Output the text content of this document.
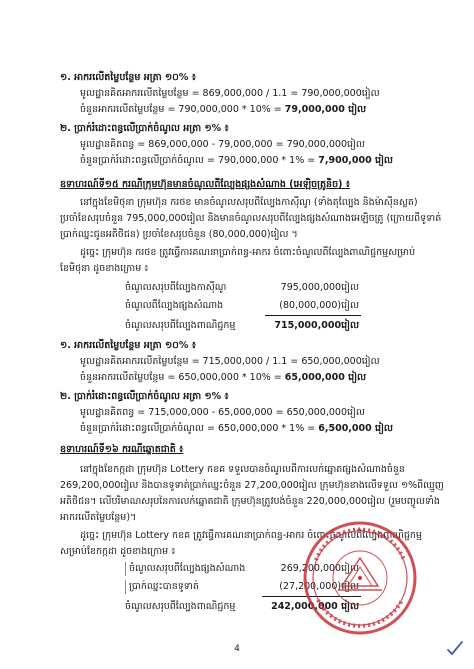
១. អាករលើតម្លៃបន្ថែម អត្រា ១០% ៖
មូលដ្ឋានគិតអាករលើតម្លៃបន្ថែម = 869,000,000 / 1.1 = 790,000,000រៀល
ចំនួនអាករលើតម្លៃបន្ថែម = 790,000,000 * 10% = 79,000,000 រៀល
២. ប្រាក់រំដោះពន្ធលើប្រាក់ចំណូល អត្រា ១% ៖
មូលដ្ឋានគិតពន្ធ = 869,000,000 - 79,000,000 = 790,000,000រៀល
ចំនួនប្រាក់រំដោះពន្ធលើប្រាក់ចំណូល = 790,000,000 * 1% = 7,900,000 រៀល
ឧទាហរណ៍ទី១៥ ករណីក្រុមហ៊ុនមានចំណូលពីល្បែងផ្សងសំណាង (អេឡិចត្រូនិច) ៖
នៅក្នុងខែមិថុនា ក្រុមហ៊ុន ករថខ មានចំណូលសរុបពីល្បែងកាស៊ីណូ (ទាំងតុល្បែង និងម៉ាស៊ីនស្លត)
ប្រចាំខែសរុបចំនួន 795,000,000រៀល និងមានចំណូលសរុបពីល្បែងផ្សងសំណាងអេឡិចត្រូ (ក្រោយពីទូទាត់
ប្រាក់ឈ្នះជូនអតិថិជន) ប្រចាំខែសរុបចំនួន (80,000,000)រៀល ។
ដូច្នេះ ក្រុមហ៊ុន ករថខ ត្រូវធ្វើការគណនាប្រាក់ពន្ធ-អាករ ចំពោះចំណូលពីល្បែងពាណិជ្ជកម្មសម្រាប់
ខែមិថុនា ដូចខាងក្រោម ៖
ចំណូលសរុបពីល្បែងកាស៊ីណូ	795,000,000រៀល
ចំណូលពីល្បែងផ្សងសំណាង	(80,000,000)រៀល
ចំណូលសរុបពីល្បែងពាណិជ្ជកម្ម	715,000,000រៀល
១. អាករលើតម្លៃបន្ថែម អត្រា ១០% ៖
មូលដ្ឋានគិតអាករលើតម្លៃបន្ថែម = 715,000,000 / 1.1 = 650,000,000រៀល
ចំនួនអាករលើតម្លៃបន្ថែម = 650,000,000 * 10% = 65,000,000 រៀល
២. ប្រាក់រំដោះពន្ធលើប្រាក់ចំណូល អត្រា ១% ៖
មូលដ្ឋានគិតពន្ធ = 715,000,000 - 65,000,000 = 650,000,000រៀល
ចំនួនប្រាក់រំដោះពន្ធលើប្រាក់ចំណូល = 650,000,000 * 1% = 6,500,000 រៀល
ឧទាហរណ៍ទី១៦ ករណីឆ្នោតជាតិ ៖
នៅក្នុងខែកក្កដា ក្រុមហ៊ុន Lottery កខគ ទទួលបានចំណូលពីការលក់ឆ្នោតផ្សងសំណាងចំនួន
269,200,000រៀល និងបានទូទាត់ប្រាក់ឈ្នះចំនួន 27,200,000រៀល ក្រុមហ៊ុនខាងលើទទួល ១%ពីឈ្មួញ
អតិថិជន។ លើបរិមាណសរុបនៃការលក់ឆ្នោតជាតិ ក្រុមហ៊ុនត្រូវបង់ចំនួន 220,000,000រៀល (រួមបញ្ចូលទាំង
អាករលើតម្លៃបន្ថែម)។
ដូច្នេះ ក្រុមហ៊ុន Lottery កខគ ត្រូវធ្វើការគណនាប្រាក់ពន្ធ-អាករ ចំពោះចំណូលពីល្បែងពាណិជ្ជកម្ម
សម្រាប់ខែកក្កដា ដូចខាងក្រោម ៖
ចំណូលសរុបពីល្បែងផ្សងសំណាង	269,200,000រៀល
ប្រាក់ឈ្នះបានទូទាត់	(27,200,000)រៀល
ចំណូលសរុបពីល្បែងពាណិជ្ជកម្ម	242,000,000 រៀល
4
